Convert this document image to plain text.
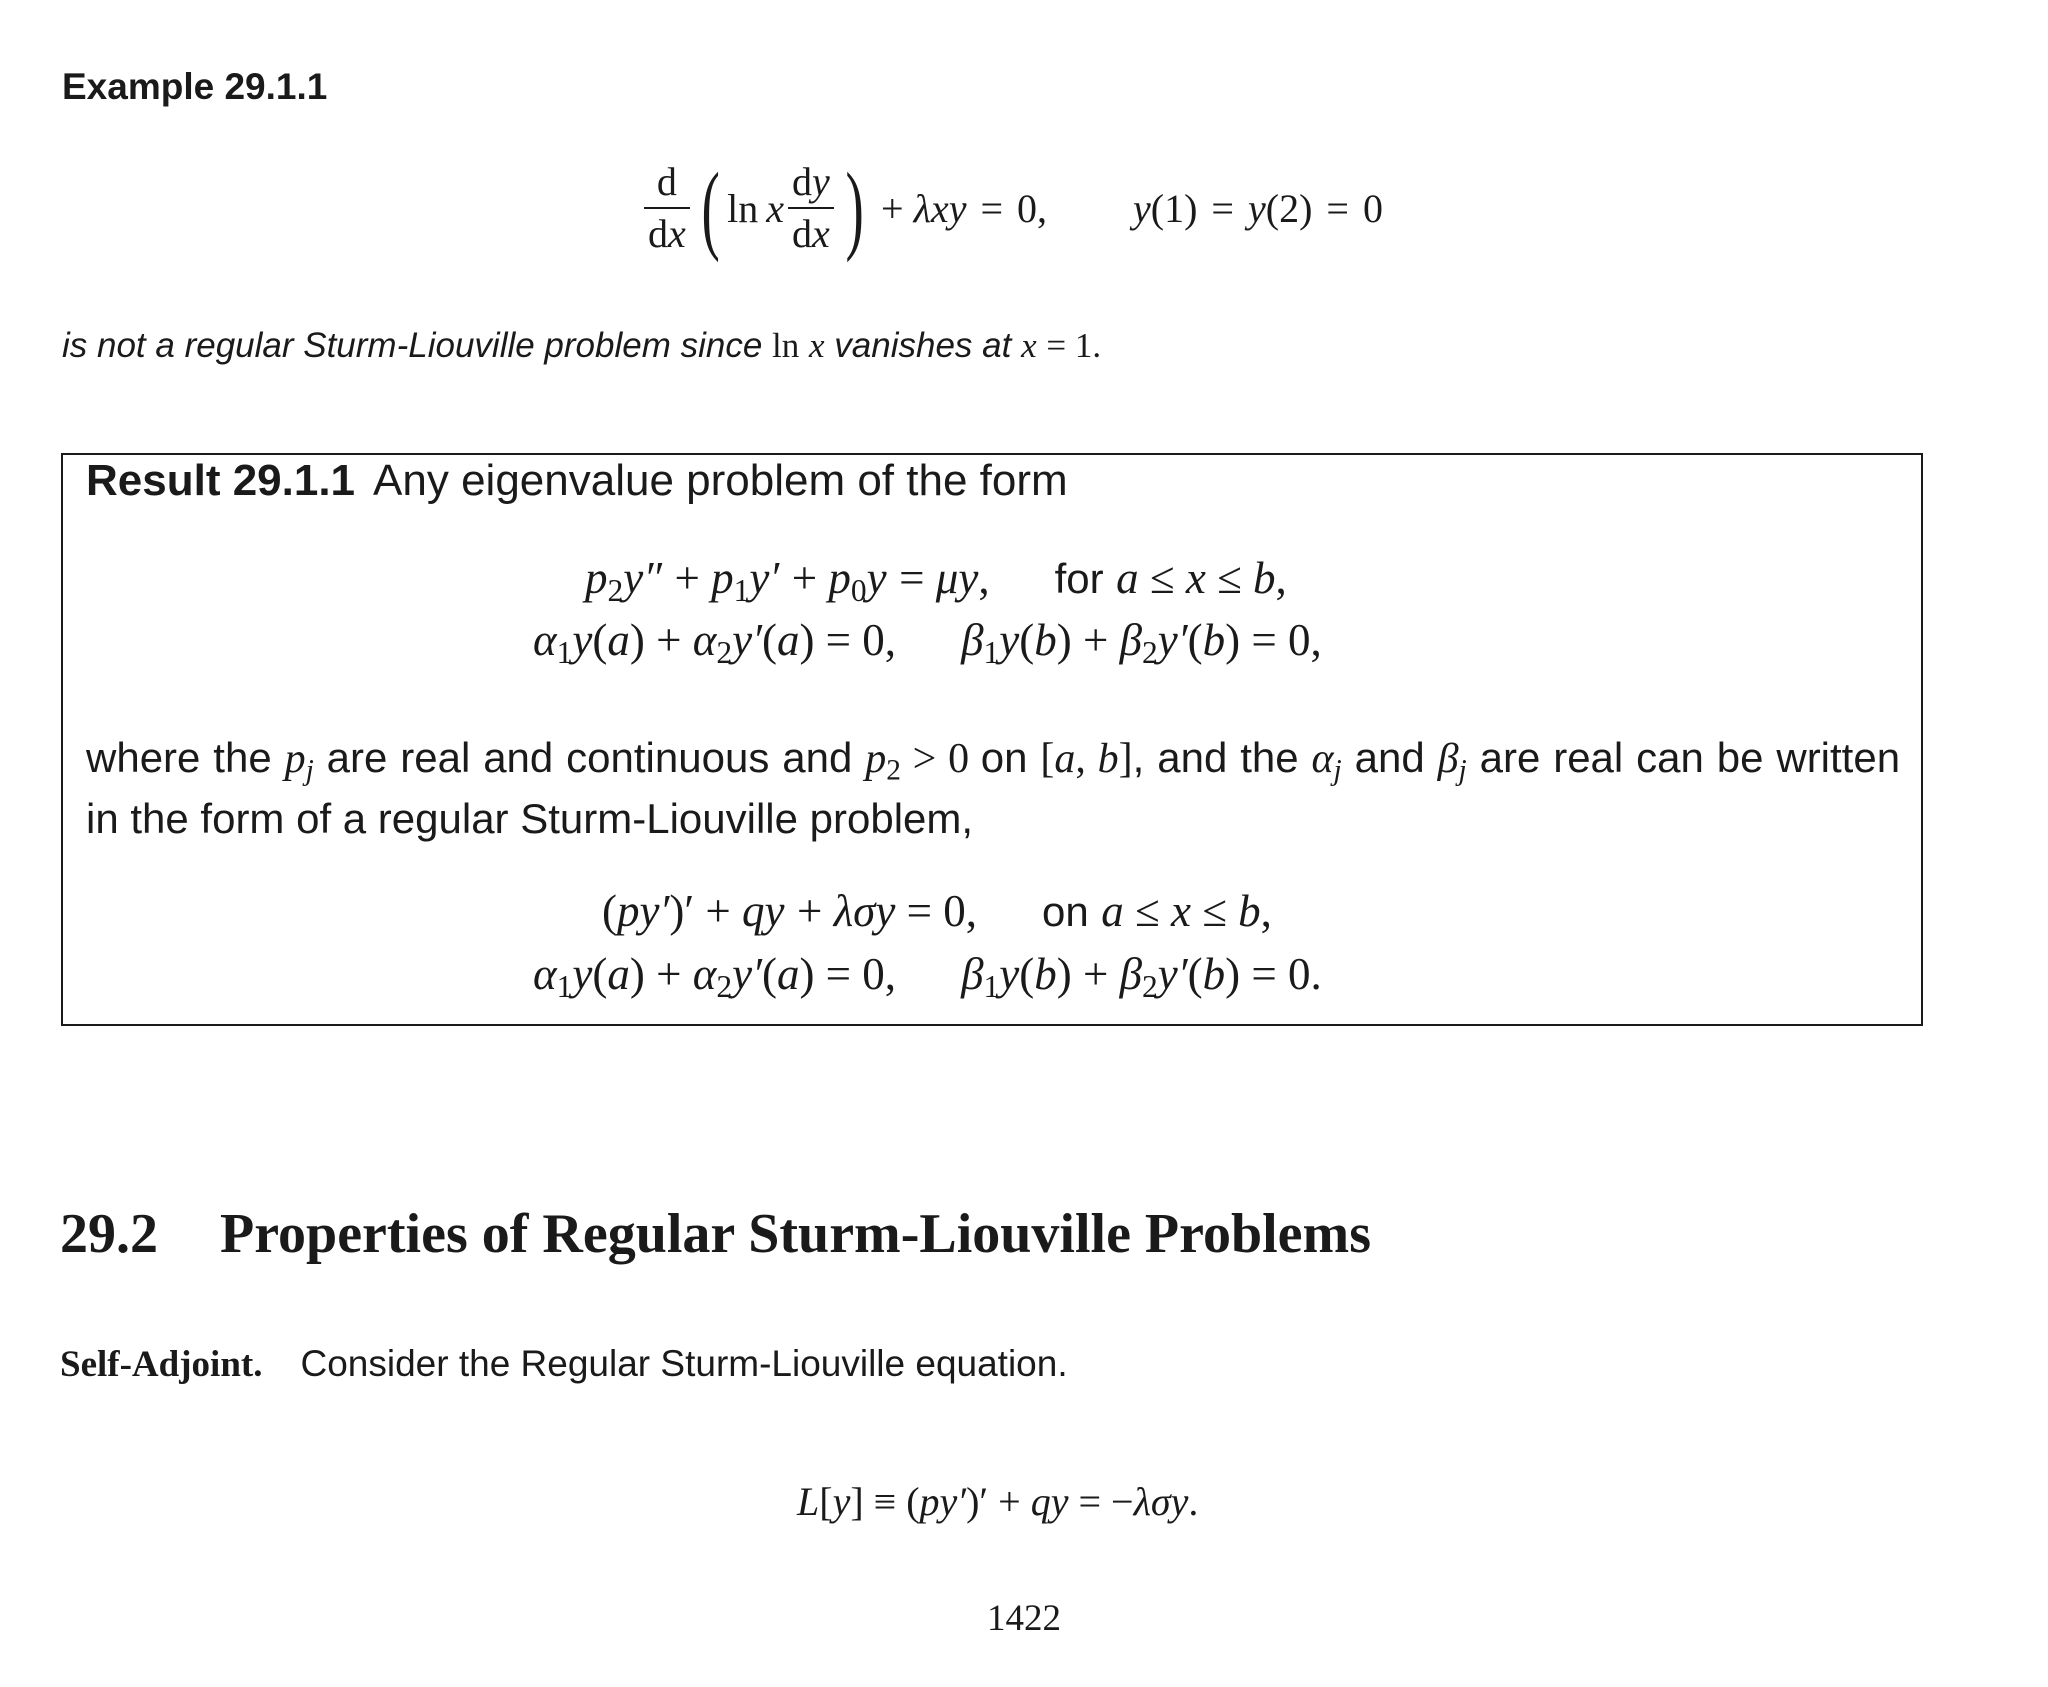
Example 29.1.1
$\frac{d}{dx}$ ( ln x $\frac{dy}{dx}$ ) + λxy = 0, y (1) = y (2) = 0
is not a regular Sturm-Liouville problem since ln x vanishes at x = 1.
Result 29.1.1 Any eigenvalue problem of the form
$p_2y'' + p_1y' + p_0y = \mu y$, for a ≤ x ≤ b,
$\alpha_1y(a) + \alpha_2y'(a) = 0$, $\beta_1y(b) + \beta_2y'(b) = 0$,
where the $p_j$ are real and continuous and $p_2 > 0$ on [a, b], and the $\alpha_j$ and $\beta_j$ are real can be written in the form of a regular Sturm-Liouville problem,
(py′)′ + qy + λσy = 0, on a ≤ x ≤ b,
$\alpha_1y(a) + \alpha_2y'(a) = 0$, $\beta_1y(b) + \beta_2y'(b) = 0$.
29.2 Properties of Regular Sturm-Liouville Problems
Self-Adjoint. Consider the Regular Sturm-Liouville equation.
L[y] ≡ (py′)′ + qy = −λσy.
1422
